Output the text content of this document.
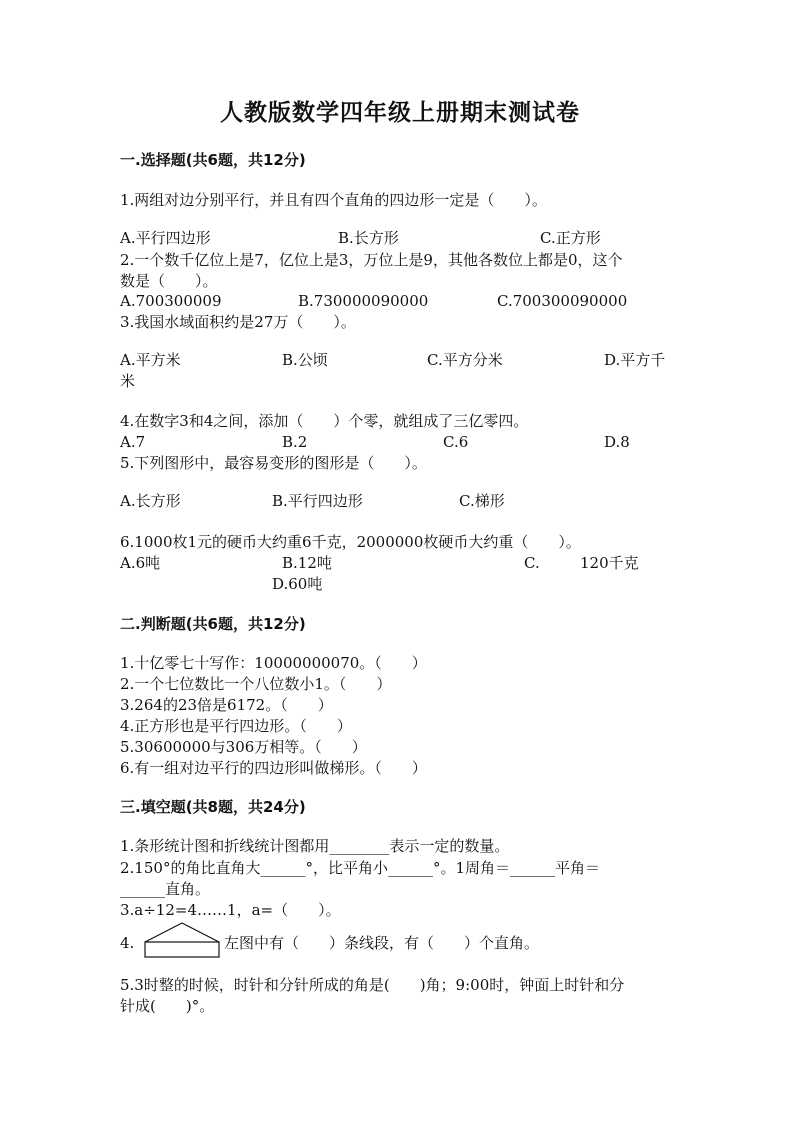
人教版数学四年级上册期末测试卷
一.选择题(共6题，共12分)
1.两组对边分别平行，并且有四个直角的四边形一定是（　　）。
A.平行四边形	B.长方形	C.正方形
2.一个数千亿位上是7，亿位上是3，万位上是9，其他各数位上都是0，这个
数是（　　）。
A.700300009	B.730000090000	C.700300090000
3.我国水域面积约是27万（　　）。
A.平方米	B.公顷	C.平方分米	D.平方千
米
4.在数字3和4之间，添加（　　）个零，就组成了三亿零四。
A.7	B.2	C.6	D.8
5.下列图形中，最容易变形的图形是（　　）。
A.长方形	B.平行四边形	C.梯形
6.1000枚1元的硬币大约重6千克，2000000枚硬币大约重（　　）。
A.6吨	B.12吨	C.	120千克
D.60吨
二.判断题(共6题，共12分)
1.十亿零七十写作：10000000070。（　　）
2.一个七位数比一个八位数小1。（　　）
3.264的23倍是6172。（　　）
4.正方形也是平行四边形。（　　）
5.30600000与306万相等。（　　）
6.有一组对边平行的四边形叫做梯形。（　　）
三.填空题(共8题，共24分)
1.条形统计图和折线统计图都用________表示一定的数量。
2.150°的角比直角大______°，比平角小______°。1周角＝______平角＝
______直角。
3.a÷12=4……1，a=（　　）。
4.	左图中有（　　）条线段，有（　　）个直角。
5.3时整的时候，时针和分针所成的角是(　　)角；9:00时，钟面上时针和分
针成(　　)°。
